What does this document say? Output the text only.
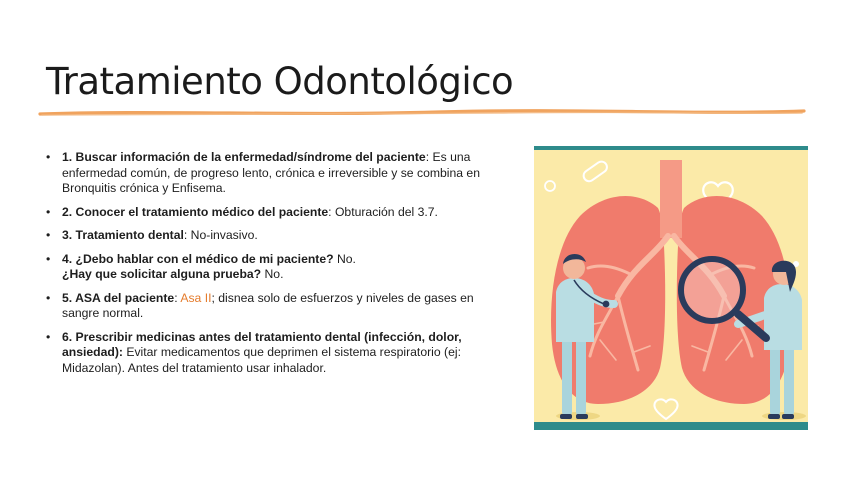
Tratamiento Odontológico
• 1. Buscar información de la enfermedad/síndrome del paciente: Es una enfermedad común, de progreso lento, crónica e irreversible y se combina en Bronquitis crónica y Enfisema.
• 2. Conocer el tratamiento médico del paciente: Obturación del 3.7.
• 3. Tratamiento dental: No-invasivo.
• 4. ¿Debo hablar con el médico de mi paciente? No.
¿Hay que solicitar alguna prueba? No.
• 5. ASA del paciente: Asa II; disnea solo de esfuerzos y niveles de gases en sangre normal.
• 6. Prescribir medicinas antes del tratamiento dental (infección, dolor, ansiedad): Evitar medicamentos que deprimen el sistema respiratorio (ej: Midazolan). Antes del tratamiento usar inhalador.
